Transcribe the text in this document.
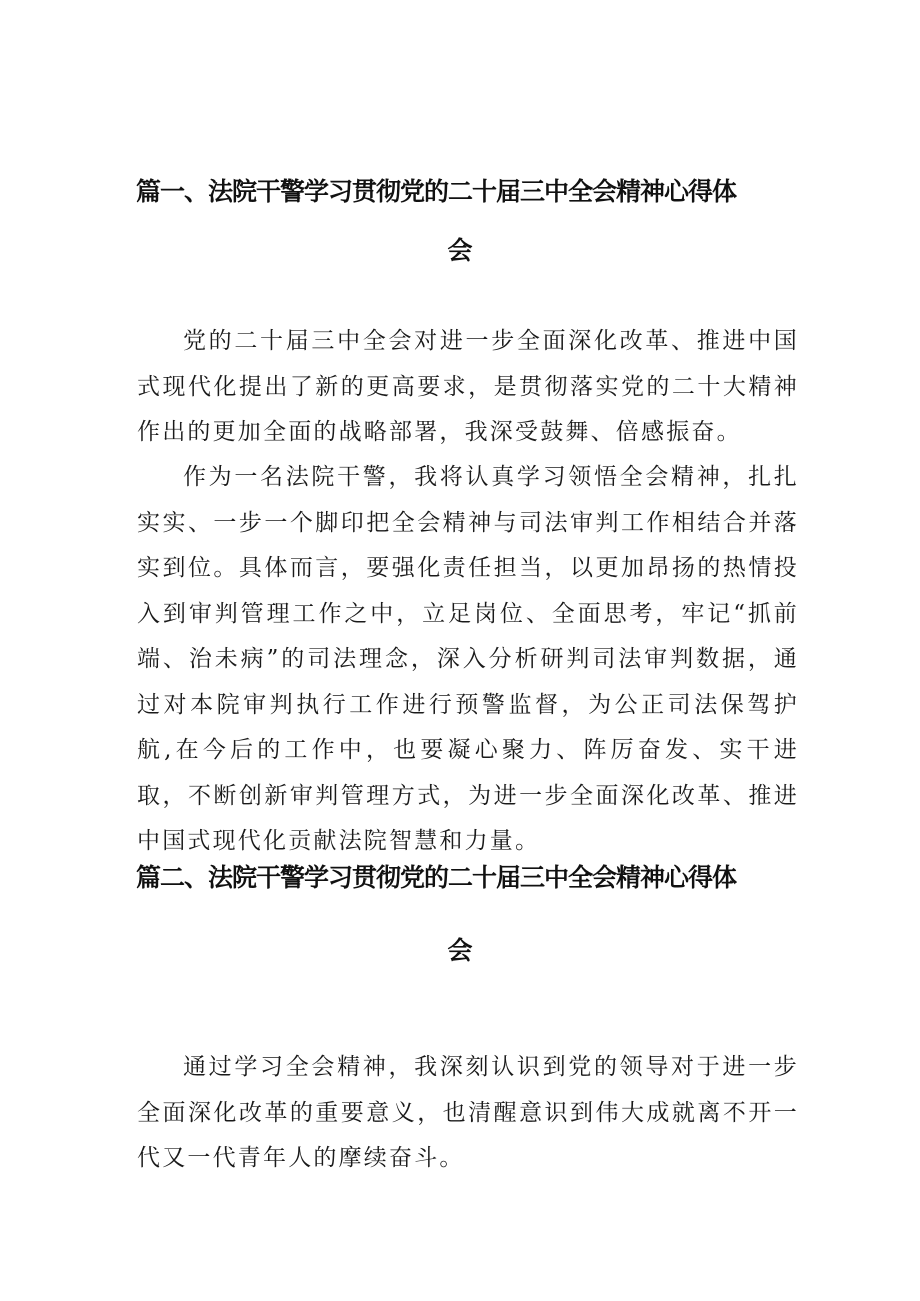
篇一、法院干警学习贯彻党的二十届三中全会精神心得体
会
党的二十届三中全会对进一步全面深化改革、推进中国式现代化提出了新的更高要求，是贯彻落实党的二十大精神作出的更加全面的战略部署，我深受鼓舞、倍感振奋。
作为一名法院干警，我将认真学习领悟全会精神，扎扎实实、一步一个脚印把全会精神与司法审判工作相结合并落实到位。具体而言，要强化责任担当，以更加昂扬的热情投入到审判管理工作之中，立足岗位、全面思考，牢记“抓前端、治未病”的司法理念，深入分析研判司法审判数据，通过对本院审判执行工作进行预警监督，为公正司法保驾护航,在今后的工作中，也要凝心聚力、阵厉奋发、实干进取，不断创新审判管理方式，为进一步全面深化改革、推进中国式现代化贡献法院智慧和力量。
篇二、法院干警学习贯彻党的二十届三中全会精神心得体
会
通过学习全会精神，我深刻认识到党的领导对于进一步全面深化改革的重要意义，也清醒意识到伟大成就离不开一代又一代青年人的摩续奋斗。
